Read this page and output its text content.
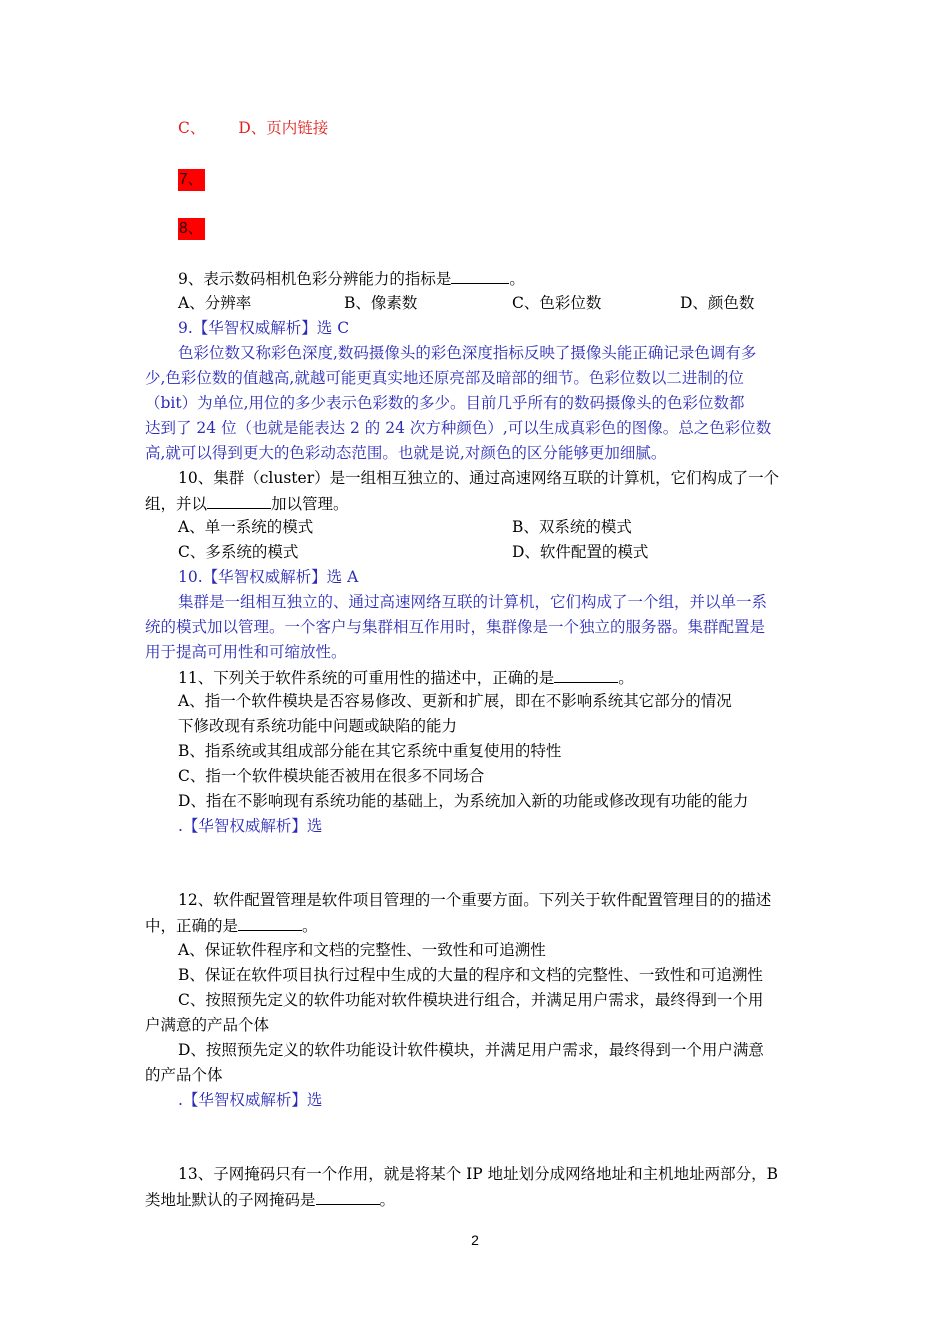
C、 D、页内链接
7、
8、
9、表示数码相机色彩分辨能力的指标是	。
A、分辨率	B、像素数	C、色彩位数	D、颜色数
9.【华智权威解析】选 C
色彩位数又称彩色深度,数码摄像头的彩色深度指标反映了摄像头能正确记录色调有多
少,色彩位数的值越高,就越可能更真实地还原亮部及暗部的细节。色彩位数以二进制的位
（bit）为单位,用位的多少表示色彩数的多少。目前几乎所有的数码摄像头的色彩位数都
达到了 24 位（也就是能表达 2 的 24 次方种颜色）,可以生成真彩色的图像。总之色彩位数
高,就可以得到更大的色彩动态范围。也就是说,对颜色的区分能够更加细腻。
10、集群（cluster）是一组相互独立的、通过高速网络互联的计算机，它们构成了一个
组，并以	加以管理。
A、单一系统的模式	B、双系统的模式
C、多系统的模式	D、软件配置的模式
10.【华智权威解析】选 A
集群是一组相互独立的、通过高速网络互联的计算机，它们构成了一个组，并以单一系
统的模式加以管理。一个客户与集群相互作用时，集群像是一个独立的服务器。集群配置是
用于提高可用性和可缩放性。
11、下列关于软件系统的可重用性的描述中，正确的是	。
A、指一个软件模块是否容易修改、更新和扩展，即在不影响系统其它部分的情况
下修改现有系统功能中问题或缺陷的能力
B、指系统或其组成部分能在其它系统中重复使用的特性
C、指一个软件模块能否被用在很多不同场合
D、指在不影响现有系统功能的基础上，为系统加入新的功能或修改现有功能的能力
.【华智权威解析】选
12、软件配置管理是软件项目管理的一个重要方面。下列关于软件配置管理目的的描述
中，正确的是	。
A、保证软件程序和文档的完整性、一致性和可追溯性
B、保证在软件项目执行过程中生成的大量的程序和文档的完整性、一致性和可追溯性
C、按照预先定义的软件功能对软件模块进行组合，并满足用户需求，最终得到一个用
户满意的产品个体
D、按照预先定义的软件功能设计软件模块，并满足用户需求，最终得到一个用户满意
的产品个体
.【华智权威解析】选
13、子网掩码只有一个作用，就是将某个 IP 地址划分成网络地址和主机地址两部分，B
类地址默认的子网掩码是	。
2
